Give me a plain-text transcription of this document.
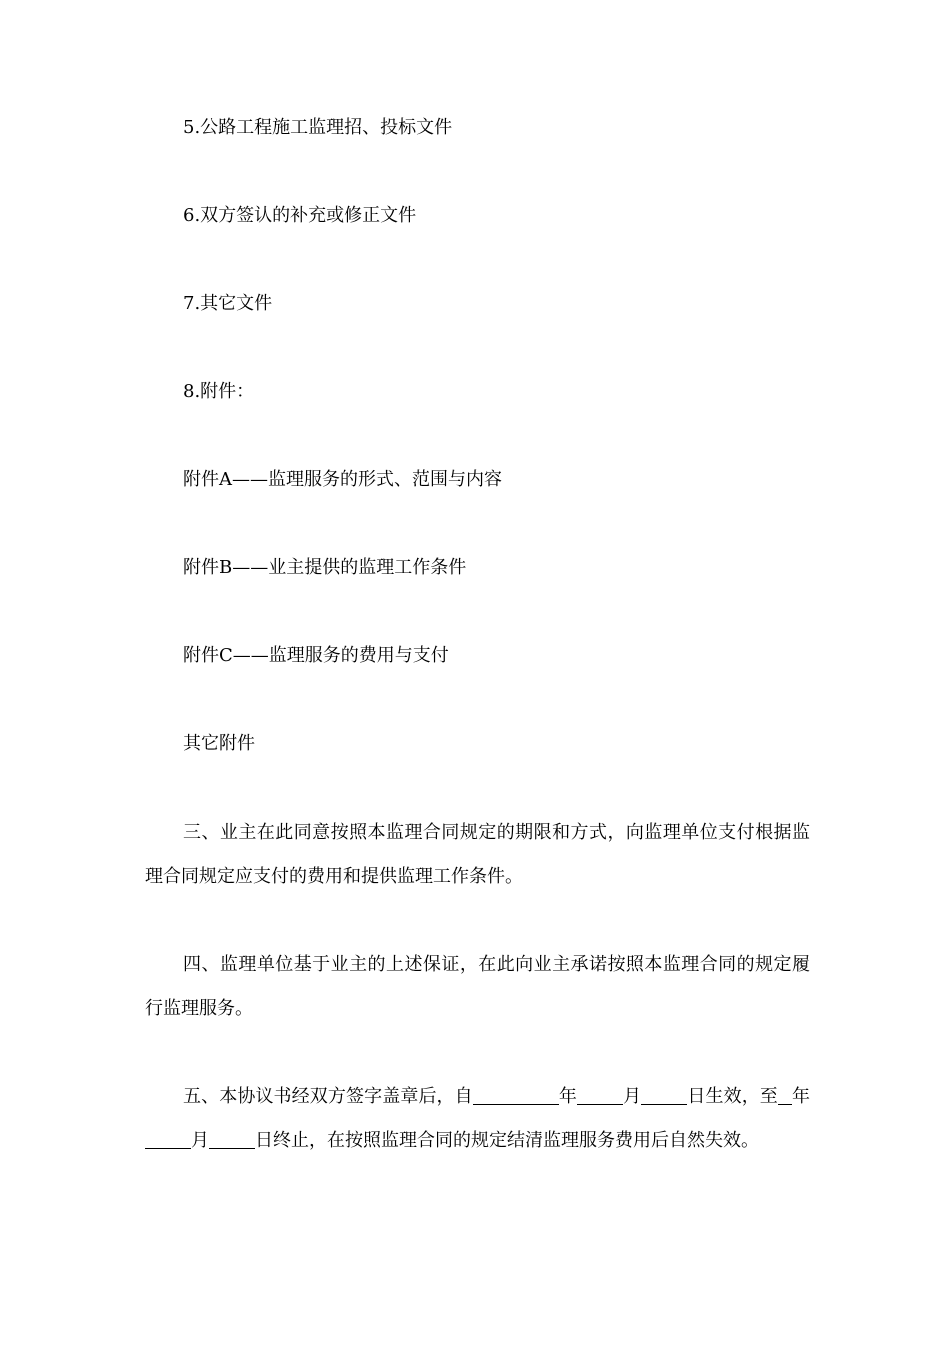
5.公路工程施工监理招、投标文件
6.双方签认的补充或修正文件
7.其它文件
8.附件：
附件A——监理服务的形式、范围与内容
附件B——业主提供的监理工作条件
附件C——监理服务的费用与支付
其它附件
三、业主在此同意按照本监理合同规定的期限和方式，向监理单位支付根据监理合同规定应支付的费用和提供监理工作条件。
四、监理单位基于业主的上述保证，在此向业主承诺按照本监理合同的规定履行监理服务。
五、本协议书经双方签字盖章后，自	年	月	日生效，至 年月	日终止，在按照监理合同的规定结清监理服务费用后自然失效。
